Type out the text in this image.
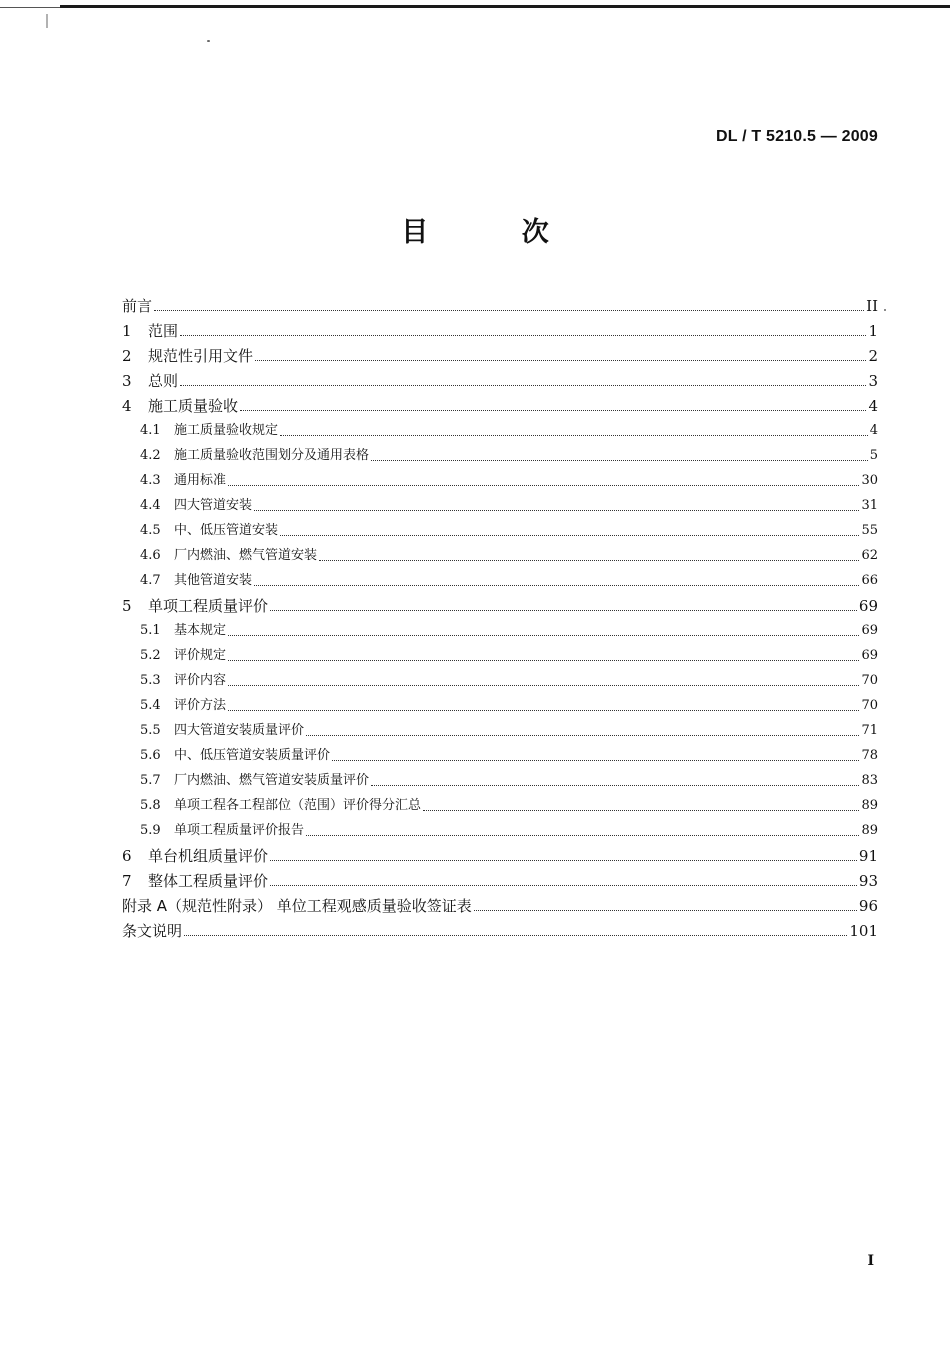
DL / T 5210.5 — 2009
目 次
前言	II
1	范围	1
2	规范性引用文件	2
3	总则	3
4	施工质量验收	4
4.1	施工质量验收规定	4
4.2	施工质量验收范围划分及通用表格	5
4.3	通用标准	30
4.4	四大管道安装	31
4.5	中、低压管道安装	55
4.6	厂内燃油、燃气管道安装	62
4.7	其他管道安装	66
5	单项工程质量评价	69
5.1	基本规定	69
5.2	评价规定	69
5.3	评价内容	70
5.4	评价方法	70
5.5	四大管道安装质量评价	71
5.6	中、低压管道安装质量评价	78
5.7	厂内燃油、燃气管道安装质量评价	83
5.8	单项工程各工程部位（范围）评价得分汇总	89
5.9	单项工程质量评价报告	89
6	单台机组质量评价	91
7	整体工程质量评价	93
附录 A（规范性附录） 单位工程观感质量验收签证表	96
条文说明	101
I
